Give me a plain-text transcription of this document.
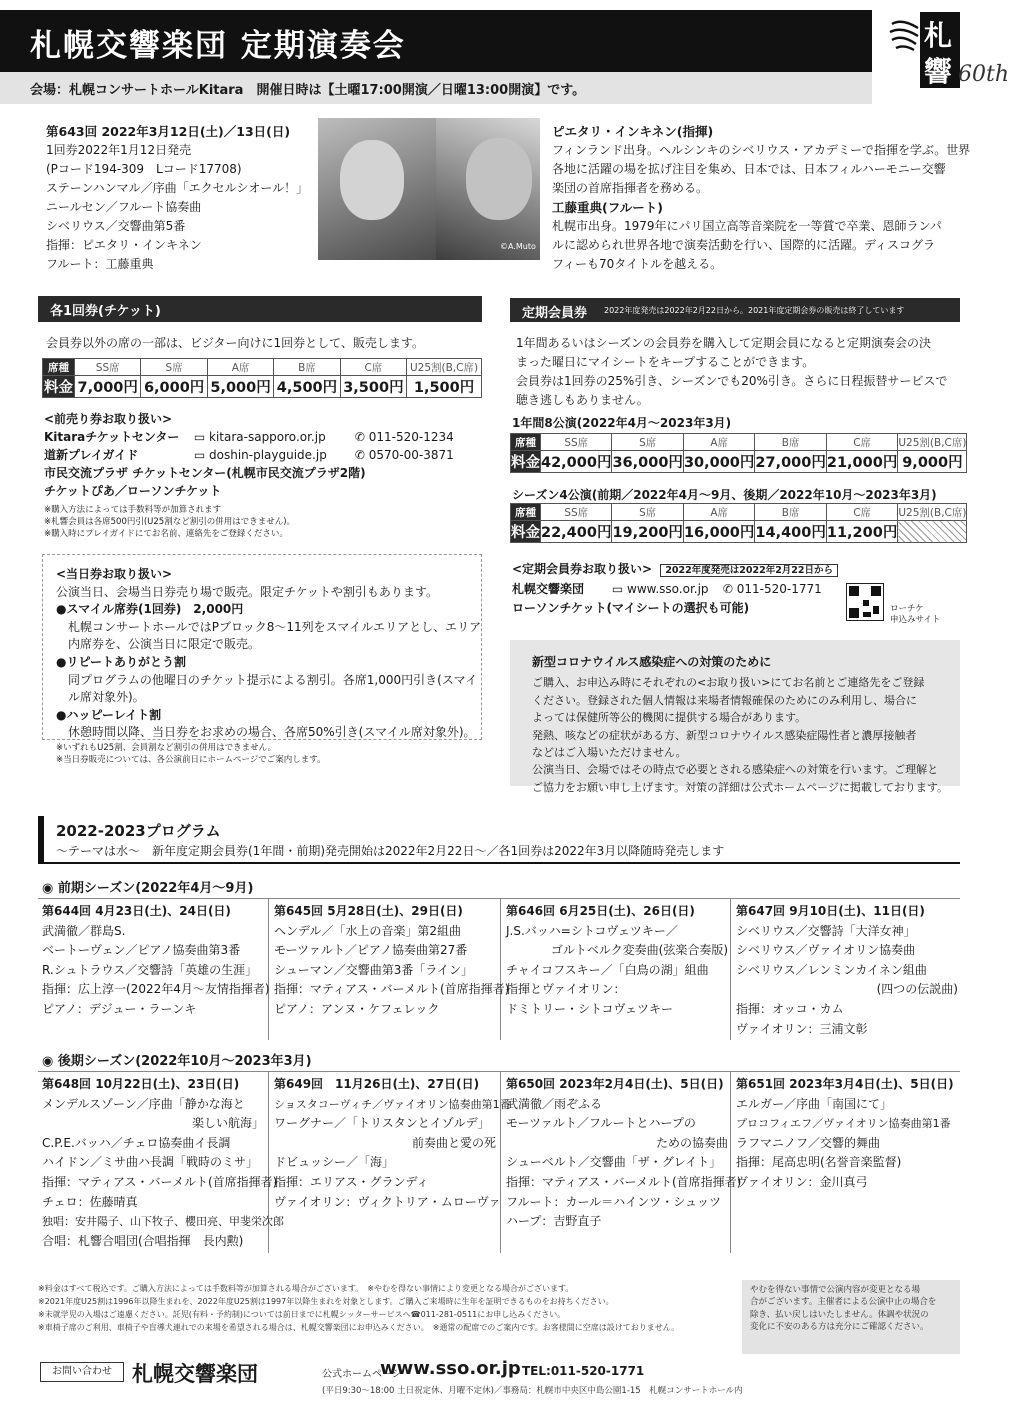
札幌交響楽団 定期演奏会
会場：札幌コンサートホールKitara　開催日時は【土曜17:00開演／日曜13:00開演】です。
札
響 60th
第643回 2022年3月12日(土)／13日(日)
1回券2022年1月12日発売
(Pコード194-309　Lコード17708)
ステーンハンマル／序曲「エクセルシオール！」
ニールセン／フルート協奏曲
シベリウス／交響曲第5番
指揮：ピエタリ・インキネン
フルート：工藤重典
©A.Muto
ピエタリ・インキネン(指揮)
フィンランド出身。ヘルシンキのシベリウス・アカデミーで指揮を学ぶ。世界
各地に活躍の場を拡げ注目を集め、日本では、日本フィルハーモニー交響
楽団の首席指揮者を務める。
工藤重典(フルート)
札幌市出身。1979年にパリ国立高等音楽院を一等賞で卒業、恩師ランパ
ルに認められ世界各地で演奏活動を行い、国際的に活躍。ディスコグラ
フィーも70タイトルを越える。
各1回券(チケット)
会員券以外の席の一部は、ビジター向けに1回券として、販売します。
席種	SS席	S席	A席	B席	C席	U25割(B,C席)
料金	7,000円	6,000円	5,000円	4,500円	3,500円	1,500円
<前売り券お取り扱い>
Kitaraチケットセンター ▭ kitara-sapporo.or.jp ✆ 011-520-1234
道新プレイガイド	▭ doshin-playguide.jp ✆ 0570-00-3871
市民交流プラザ チケットセンター(札幌市民交流プラザ2階)
チケットぴあ／ローソンチケット
※購入方法によっては手数料等が加算されます
※札響会員は各席500円引(U25割など割引の併用はできません)。
※購入時にプレイガイドにてお名前、連絡先をご登録ください。
<当日券お取り扱い>
公演当日、会場当日券売り場で販売。限定チケットや割引もあります。
●スマイル席券(1回券)　2,000円
札幌コンサートホールではPブロック8〜11列をスマイルエリアとし、エリア
内席券を、公演当日に限定で販売。
●リピートありがとう割
同プログラムの他曜日のチケット提示による割引。各席1,000円引き(スマイ
ル席対象外)。
●ハッピーレイト割
休憩時間以降、当日券をお求めの場合、各席50%引き(スマイル席対象外)。
※いずれもU25割、会員割など割引の併用はできません。
※当日券販売については、各公演前日にホームページでご案内します。
定期会員券	2022年度発売は2022年2月22日から。2021年度定期会券の販売は終了しています
1年間あるいはシーズンの会員券を購入して定期会員になると定期演奏会の決
まった曜日にマイシートをキープすることができます。
会員券は1回券の25%引き、シーズンでも20%引き。さらに日程振替サービスで
聴き逃しもありません。
1年間8公演(2022年4月〜2023年3月)
席種	SS席	S席	A席	B席	C席	U25割(B,C席)
料金	42,000円	36,000円	30,000円	27,000円	21,000円	9,000円
シーズン4公演(前期／2022年4月〜9月、後期／2022年10月〜2023年3月)
席種	SS席	S席	A席	B席	C席	U25割(B,C席)
料金	22,400円	19,200円	16,000円	14,400円	11,200円	
<定期会員券お取り扱い> 2022年度発売は2022年2月22日から
札幌交響楽団 ▭ www.sso.or.jp ✆ 011-520-1771
ローソンチケット(マイシートの選択も可能)	ローチケ
申込みサイト
新型コロナウイルス感染症への対策のために
ご購入、お申込み時にそれぞれの<お取り扱い>にてお名前とご連絡先をご登録
ください。登録された個人情報は来場者情報確保のためにのみ利用し、場合に
よっては保健所等公的機関に提供する場合があります。
発熱、咳などの症状がある方、新型コロナウイルス感染症陽性者と濃厚接触者
などはご入場いただけません。
公演当日、会場ではその時点で必要とされる感染症への対策を行います。ご理解と
ご協力をお願い申し上げます。対策の詳細は公式ホームページに掲載しております。
2022-2023プログラム
〜テーマは水〜　新年度定期会員券(1年間・前期)発売開始は2022年2月22日〜／各1回券は2022年3月以降随時発売します
◉ 前期シーズン(2022年4月〜9月)
第644回 4月23日(土)、24日(日)
武満徹／群島S.
ベートーヴェン／ピアノ協奏曲第3番
R.シュトラウス／交響詩「英雄の生涯」
指揮：広上淳一(2022年4月〜友情指揮者)
ピアノ：デジュー・ラーンキ
第645回 5月28日(土)、29日(日)
ヘンデル／「水上の音楽」第2組曲
モーツァルト／ピアノ協奏曲第27番
シューマン／交響曲第3番「ライン」
指揮：マティアス・バーメルト(首席指揮者)
ピアノ：アンヌ・ケフェレック
第646回 6月25日(土)、26日(日)
J.S.バッハ=シトコヴェツキー／
ゴルトベルク変奏曲(弦楽合奏版)
チャイコフスキー／「白鳥の湖」組曲
指揮とヴァイオリン：
ドミトリー・シトコヴェツキー
第647回 9月10日(土)、11日(日)
シベリウス／交響詩「大洋女神」
シベリウス／ヴァイオリン協奏曲
シベリウス／レンミンカイネン組曲
(四つの伝説曲)
指揮：オッコ・カム
ヴァイオリン：三浦文彰
◉ 後期シーズン(2022年10月〜2023年3月)
第648回 10月22日(土)、23日(日)
メンデルスゾーン／序曲「静かな海と
楽しい航海」
C.P.E.バッハ／チェロ協奏曲イ長調
ハイドン／ミサ曲ハ長調「戦時のミサ」
指揮：マティアス・バーメルト(首席指揮者)
チェロ：佐藤晴真
独唱：安井陽子、山下牧子、櫻田亮、甲斐栄次郎
合唱：札響合唱団(合唱指揮　長内勲)
第649回　11月26日(土)、27日(日)
ショスタコーヴィチ／ヴァイオリン協奏曲第1番
ワーグナー／「トリスタンとイゾルデ」
前奏曲と愛の死
ドビュッシー／「海」
指揮：エリアス・グランディ
ヴァイオリン：ヴィクトリア・ムローヴァ
第650回 2023年2月4日(土)、5日(日)
武満徹／雨ぞふる
モーツァルト／フルートとハープの
ための協奏曲
シューベルト／交響曲「ザ・グレイト」
指揮：マティアス・バーメルト(首席指揮者)
フルート：カール＝ハインツ・シュッツ
ハープ：吉野直子
第651回 2023年3月4日(土)、5日(日)
エルガー／序曲「南国にて」
プロコフィエフ／ヴァイオリン協奏曲第1番
ラフマニノフ／交響的舞曲
指揮：尾高忠明(名誉音楽監督)
ヴァイオリン：金川真弓
※料金はすべて税込です。ご購入方法によっては手数料等が加算される場合がございます。　※やむを得ない事情により変更となる場合がございます。
※2021年度U25割は1996年以降生まれを、2022年度U25割は1997年以降生まれを対象とします。ご購入ご来場時に生年を証明できるものをお持ちください。
※未就学児の入場はご遠慮ください。託児(有料・予約制)については前日までに札幌シッターサービスへ☎011-281-0511にお申し込みください。
※車椅子席のご利用、車椅子や盲導犬連れでの来場を希望される場合は、札幌交響楽団にお申込みください。　※通常の配席でのご案内です。お客様間に空席は設けておりません。
やむを得ない事情で公演内容が変更となる場
合がございます。主催者による公演中止の場合を
除き、払い戻しはいたしません。体調や状況の
変化に不安のある方は充分にご確認ください。
お問い合わせ 札幌交響楽団	公式ホームページ
www.sso.or.jp TEL:011-520-1771
(平日9:30〜18:00 土日祝定休、月曜不定休)／事務局：札幌市中央区中島公園1-15　札幌コンサートホール内
